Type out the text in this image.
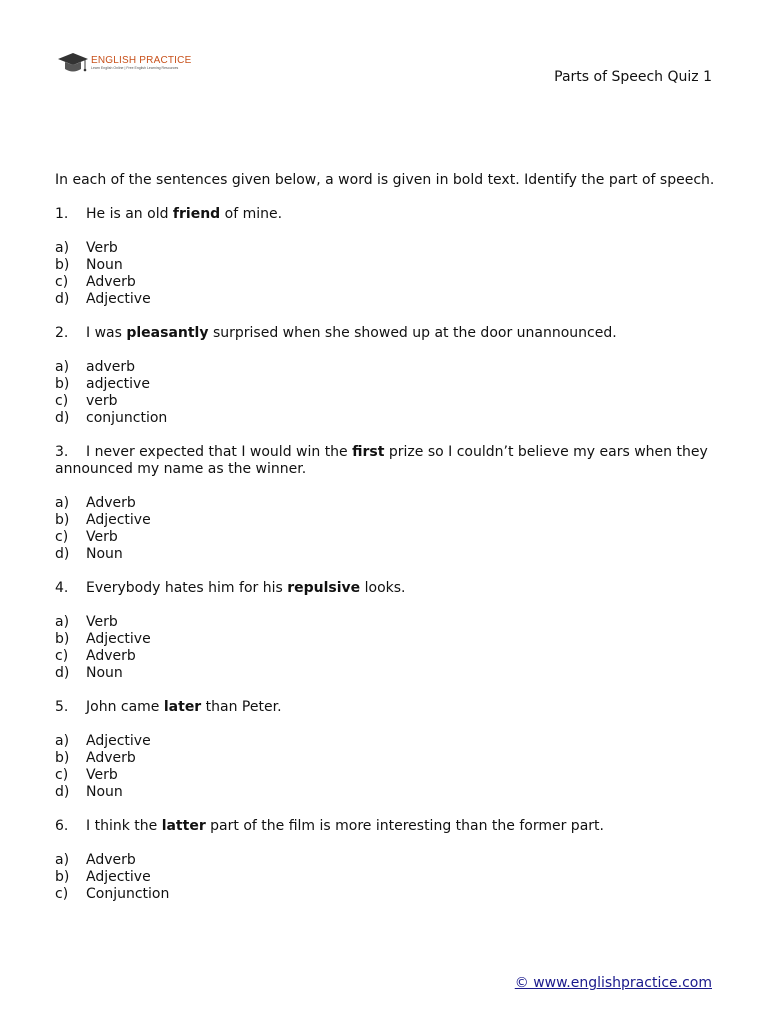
ENGLISH PRACTICE
Learn English Online | Free English Learning Resources
Parts of Speech Quiz 1

In each of the sentences given below, a word is given in bold text. Identify the part of speech.

1. He is an old friend of mine.
a) Verb
b) Noun
c) Adverb
d) Adjective
2. I was pleasantly surprised when she showed up at the door unannounced.
a) adverb
b) adjective
c) verb
d) conjunction
3. I never expected that I would win the first prize so I couldn’t believe my ears when they announced my name as the winner.
a) Adverb
b) Adjective
c) Verb
d) Noun
4. Everybody hates him for his repulsive looks.
a) Verb
b) Adjective
c) Adverb
d) Noun
5. John came later than Peter.
a) Adjective
b) Adverb
c) Verb
d) Noun
6. I think the latter part of the film is more interesting than the former part.
a) Adverb
b) Adjective
c) Conjunction
© www.englishpractice.com
